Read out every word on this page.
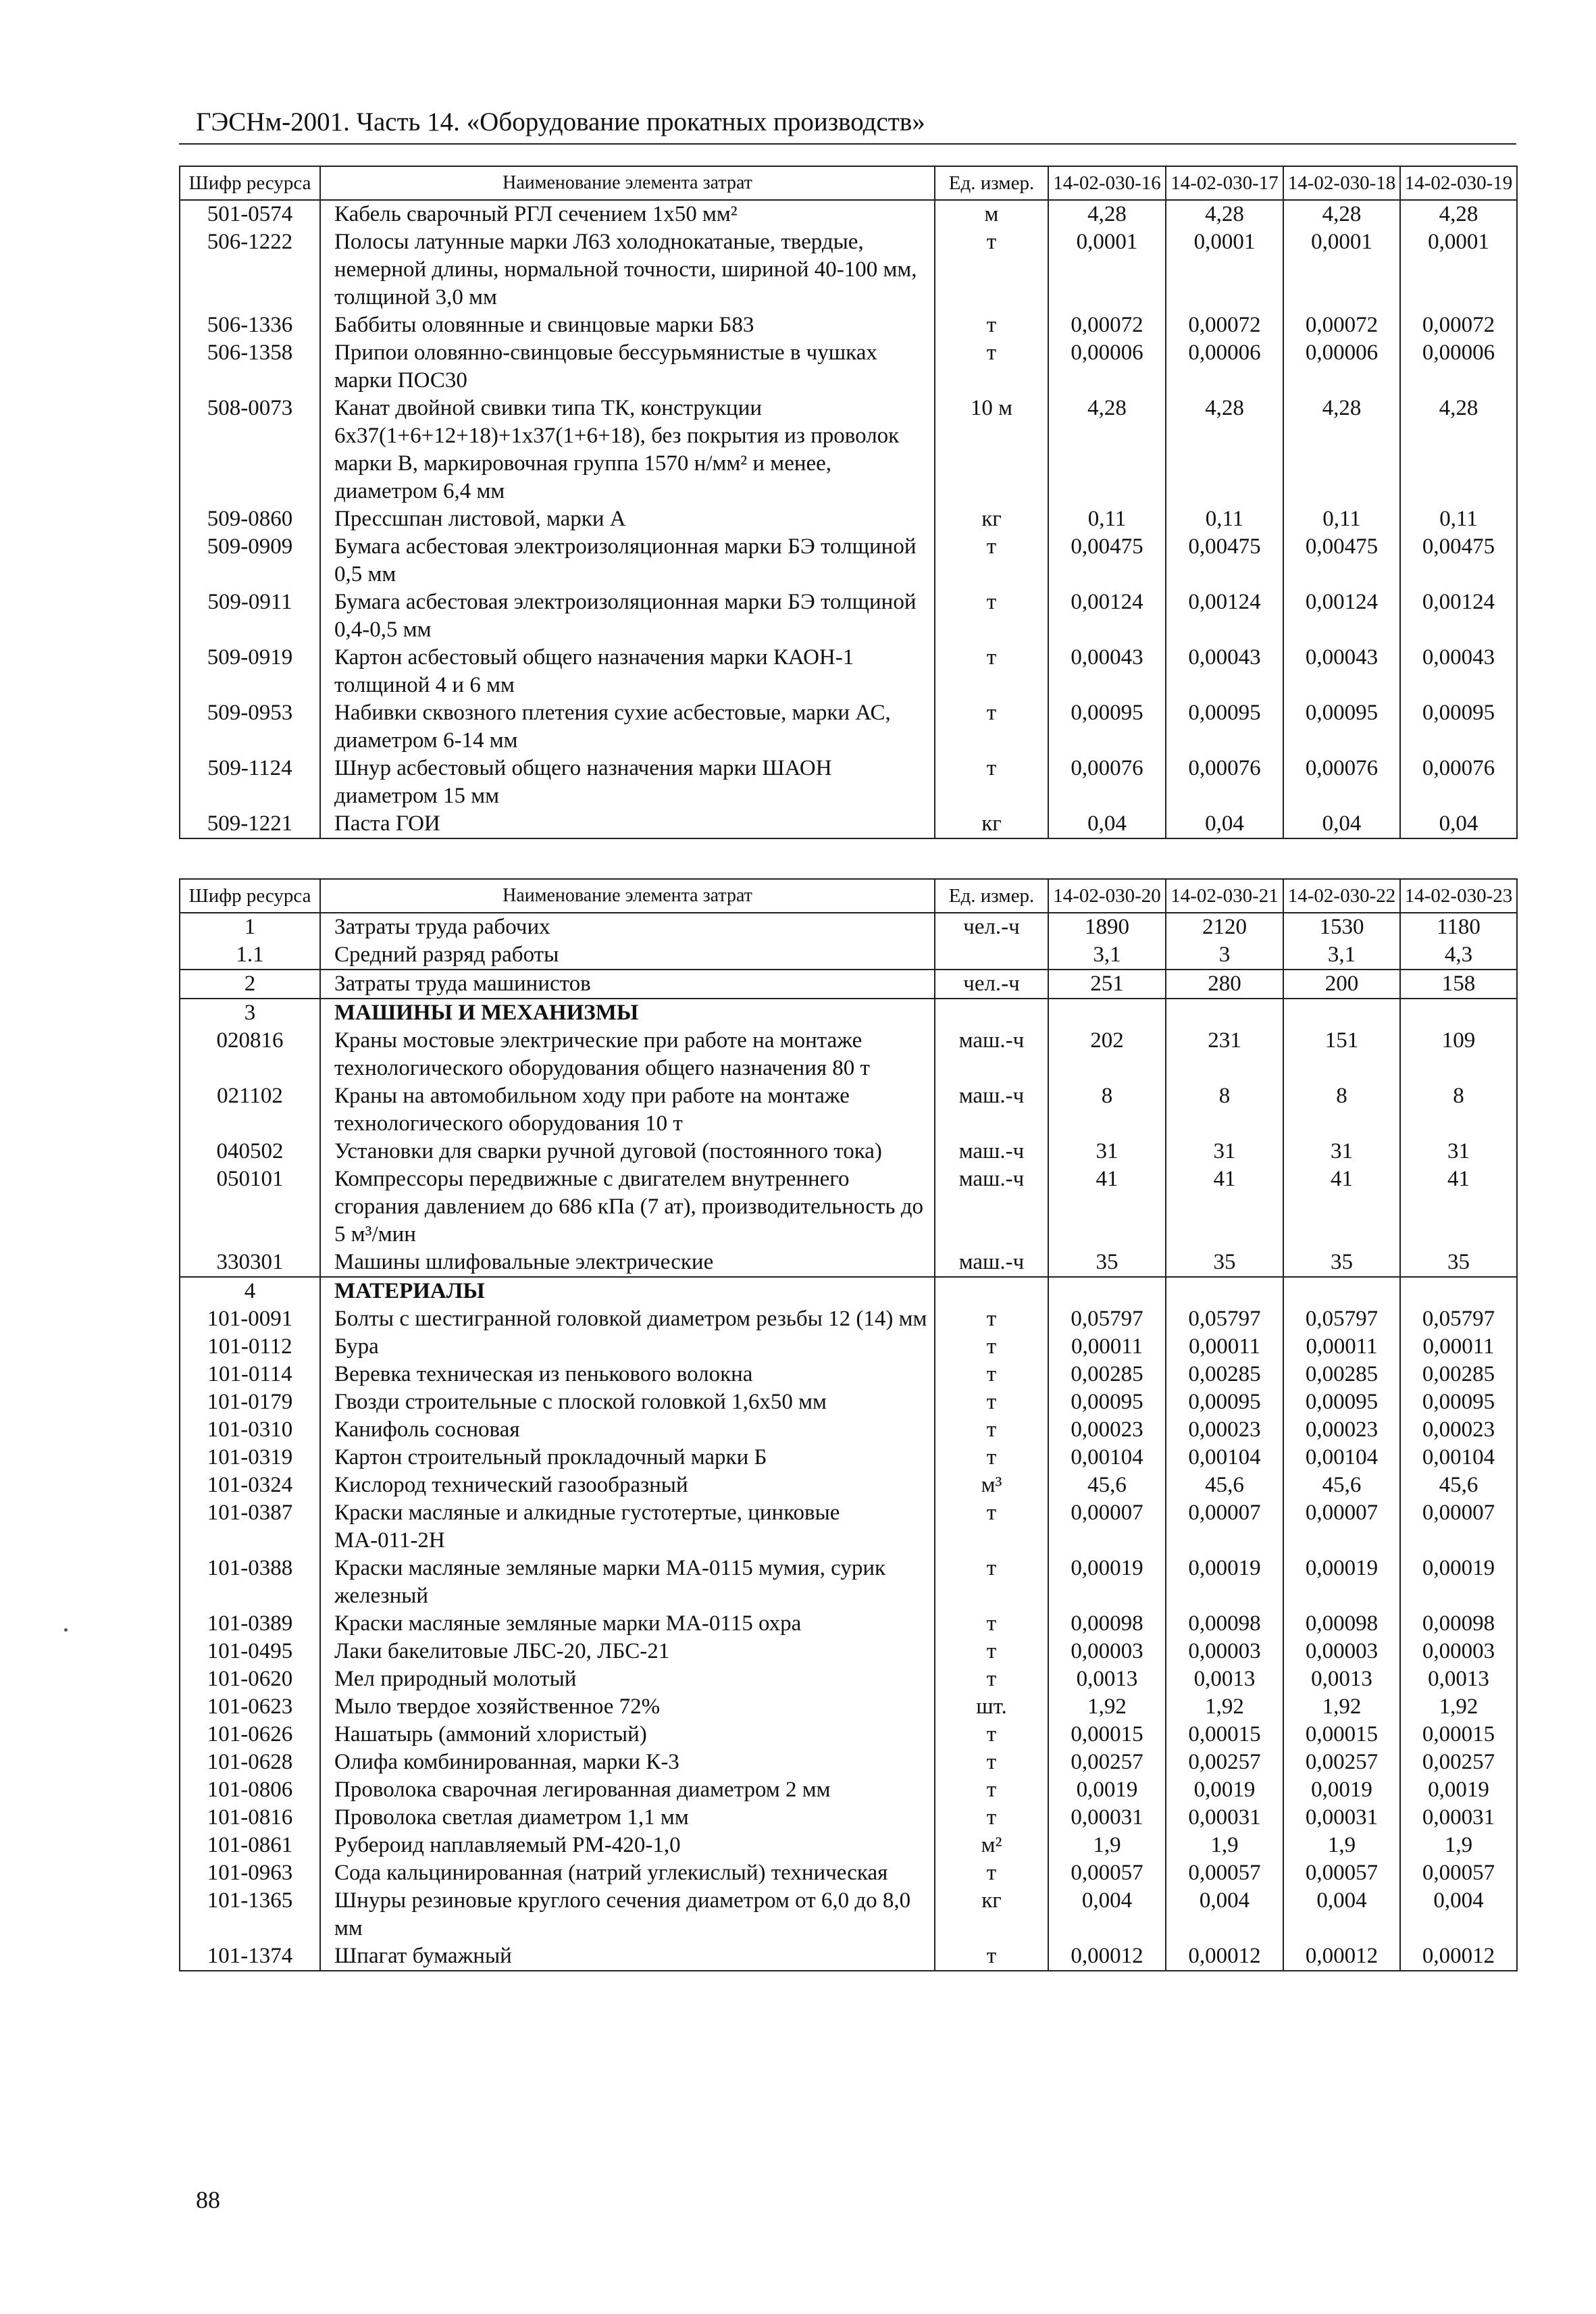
ГЭСНм-2001. Часть 14. «Оборудование прокатных производств»
Шифр ресурса	Наименование элемента затрат	Ед. измер.	14-02-030-16	14-02-030-17	14-02-030-18	14-02-030-19
501-0574	Кабель сварочный РГЛ сечением 1х50 мм²	м	4,28	4,28	4,28	4,28
506-1222	Полосы латунные марки Л63 холоднокатаные, твердые, немерной длины, нормальной точности, шириной 40-100 мм, толщиной 3,0 мм	т	0,0001	0,0001	0,0001	0,0001
506-1336	Баббиты оловянные и свинцовые марки Б83	т	0,00072	0,00072	0,00072	0,00072
506-1358	Припои оловянно-свинцовые бессурьмянистые в чушках марки ПОС30	т	0,00006	0,00006	0,00006	0,00006
508-0073	Канат двойной свивки типа ТК, конструкции 6х37(1+6+12+18)+1х37(1+6+18), без покрытия из проволок марки В, маркировочная группа 1570 н/мм² и менее, диаметром 6,4 мм	10 м	4,28	4,28	4,28	4,28
509-0860	Прессшпан листовой, марки А	кг	0,11	0,11	0,11	0,11
509-0909	Бумага асбестовая электроизоляционная марки БЭ толщиной 0,5 мм	т	0,00475	0,00475	0,00475	0,00475
509-0911	Бумага асбестовая электроизоляционная марки БЭ толщиной 0,4-0,5 мм	т	0,00124	0,00124	0,00124	0,00124
509-0919	Картон асбестовый общего назначения марки КАОН-1 толщиной 4 и 6 мм	т	0,00043	0,00043	0,00043	0,00043
509-0953	Набивки сквозного плетения сухие асбестовые, марки АС, диаметром 6-14 мм	т	0,00095	0,00095	0,00095	0,00095
509-1124	Шнур асбестовый общего назначения марки ШАОН диаметром 15 мм	т	0,00076	0,00076	0,00076	0,00076
509-1221	Паста ГОИ	кг	0,04	0,04	0,04	0,04
Шифр ресурса	Наименование элемента затрат	Ед. измер.	14-02-030-20	14-02-030-21	14-02-030-22	14-02-030-23
1	Затраты труда рабочих	чел.-ч	1890	2120	1530	1180
1.1	Средний разряд работы		3,1	3	3,1	4,3
2	Затраты труда машинистов	чел.-ч	251	280	200	158
3	МАШИНЫ И МЕХАНИЗМЫ					
020816	Краны мостовые электрические при работе на монтаже технологического оборудования общего назначения 80 т	маш.-ч	202	231	151	109
021102	Краны на автомобильном ходу при работе на монтаже технологического оборудования 10 т	маш.-ч	8	8	8	8
040502	Установки для сварки ручной дуговой (постоянного тока)	маш.-ч	31	31	31	31
050101	Компрессоры передвижные с двигателем внутреннего сгорания давлением до 686 кПа (7 ат), производительность до 5 м³/мин	маш.-ч	41	41	41	41
330301	Машины шлифовальные электрические	маш.-ч	35	35	35	35
4	МАТЕРИАЛЫ					
101-0091	Болты с шестигранной головкой диаметром резьбы 12 (14) мм	т	0,05797	0,05797	0,05797	0,05797
101-0112	Бура	т	0,00011	0,00011	0,00011	0,00011
101-0114	Веревка техническая из пенькового волокна	т	0,00285	0,00285	0,00285	0,00285
101-0179	Гвозди строительные с плоской головкой 1,6х50 мм	т	0,00095	0,00095	0,00095	0,00095
101-0310	Канифоль сосновая	т	0,00023	0,00023	0,00023	0,00023
101-0319	Картон строительный прокладочный марки Б	т	0,00104	0,00104	0,00104	0,00104
101-0324	Кислород технический газообразный	м³	45,6	45,6	45,6	45,6
101-0387	Краски масляные и алкидные густотертые, цинковые МА-011-2Н	т	0,00007	0,00007	0,00007	0,00007
101-0388	Краски масляные земляные марки МА-0115 мумия, сурик железный	т	0,00019	0,00019	0,00019	0,00019
101-0389	Краски масляные земляные марки МА-0115 охра	т	0,00098	0,00098	0,00098	0,00098
101-0495	Лаки бакелитовые ЛБС-20, ЛБС-21	т	0,00003	0,00003	0,00003	0,00003
101-0620	Мел природный молотый	т	0,0013	0,0013	0,0013	0,0013
101-0623	Мыло твердое хозяйственное 72%	шт.	1,92	1,92	1,92	1,92
101-0626	Нашатырь (аммоний хлористый)	т	0,00015	0,00015	0,00015	0,00015
101-0628	Олифа комбинированная, марки К-3	т	0,00257	0,00257	0,00257	0,00257
101-0806	Проволока сварочная легированная диаметром 2 мм	т	0,0019	0,0019	0,0019	0,0019
101-0816	Проволока светлая диаметром 1,1 мм	т	0,00031	0,00031	0,00031	0,00031
101-0861	Рубероид наплавляемый РМ-420-1,0	м²	1,9	1,9	1,9	1,9
101-0963	Сода кальцинированная (натрий углекислый) техническая	т	0,00057	0,00057	0,00057	0,00057
101-1365	Шнуры резиновые круглого сечения диаметром от 6,0 до 8,0 мм	кг	0,004	0,004	0,004	0,004
101-1374	Шпагат бумажный	т	0,00012	0,00012	0,00012	0,00012
88
